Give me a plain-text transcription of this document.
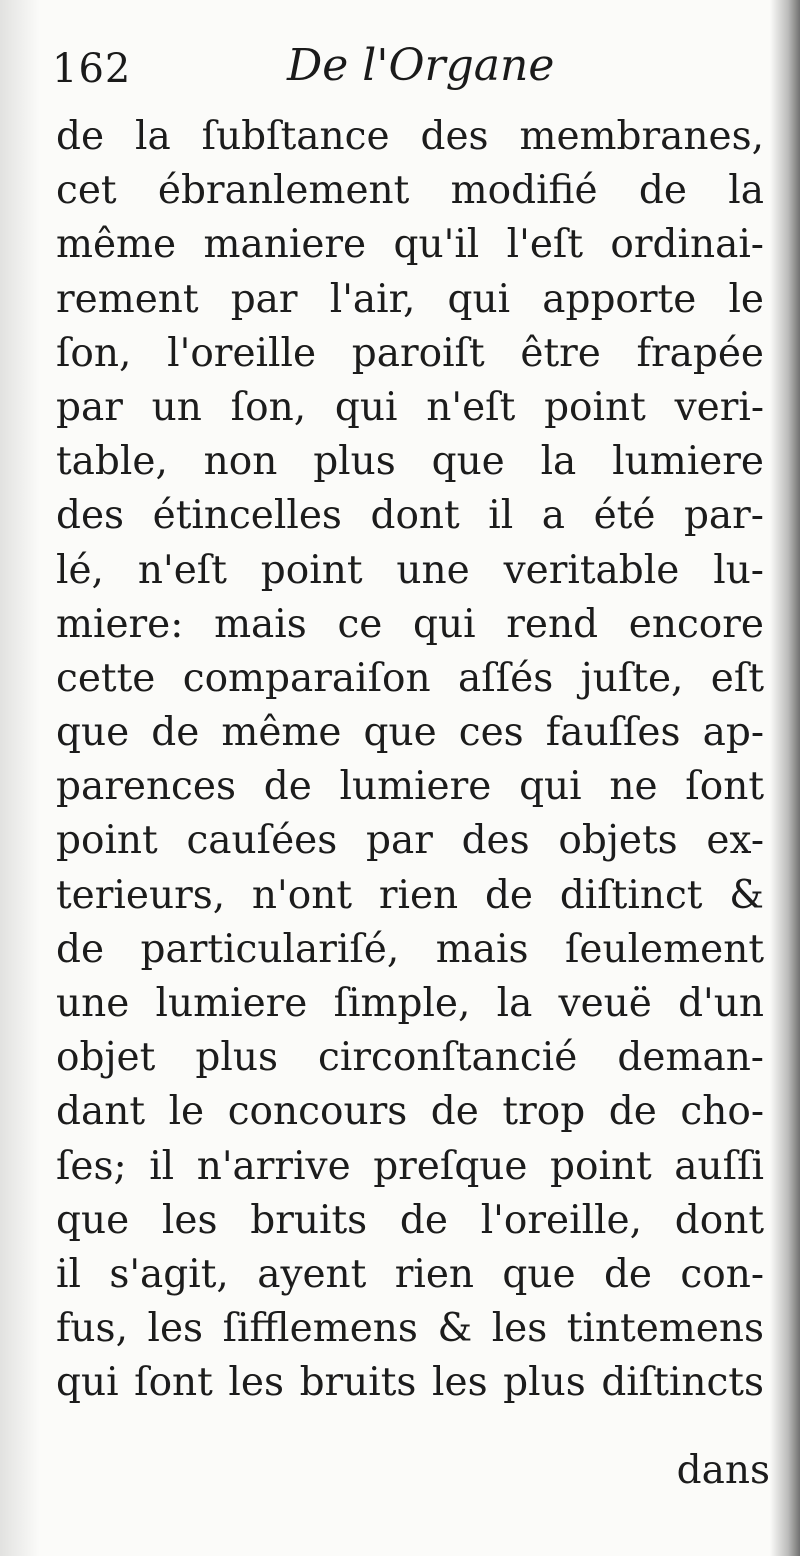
162	De l'Organe
de la ſubſtance des membranes,
cet ébranlement modifié de la
même maniere qu'il l'eſt ordinai-
rement par l'air, qui apporte le
ſon, l'oreille paroiſt être frapée
par un ſon, qui n'eſt point veri-
table, non plus que la lumiere
des étincelles dont il a été par-
lé, n'eſt point une veritable lu-
miere: mais ce qui rend encore
cette comparaiſon aſſés juſte, eſt
que de même que ces fauſſes ap-
parences de lumiere qui ne ſont
point cauſées par des objets ex-
terieurs, n'ont rien de diſtinct &
de particulariſé, mais ſeulement
une lumiere ſimple, la veuë d'un
objet plus circonſtancié deman-
dant le concours de trop de cho-
ſes; il n'arrive preſque point auſſi
que les bruits de l'oreille, dont
il s'agit, ayent rien que de con-
fus, les ſifflemens & les tintemens
qui ſont les bruits les plus diſtincts
dans
